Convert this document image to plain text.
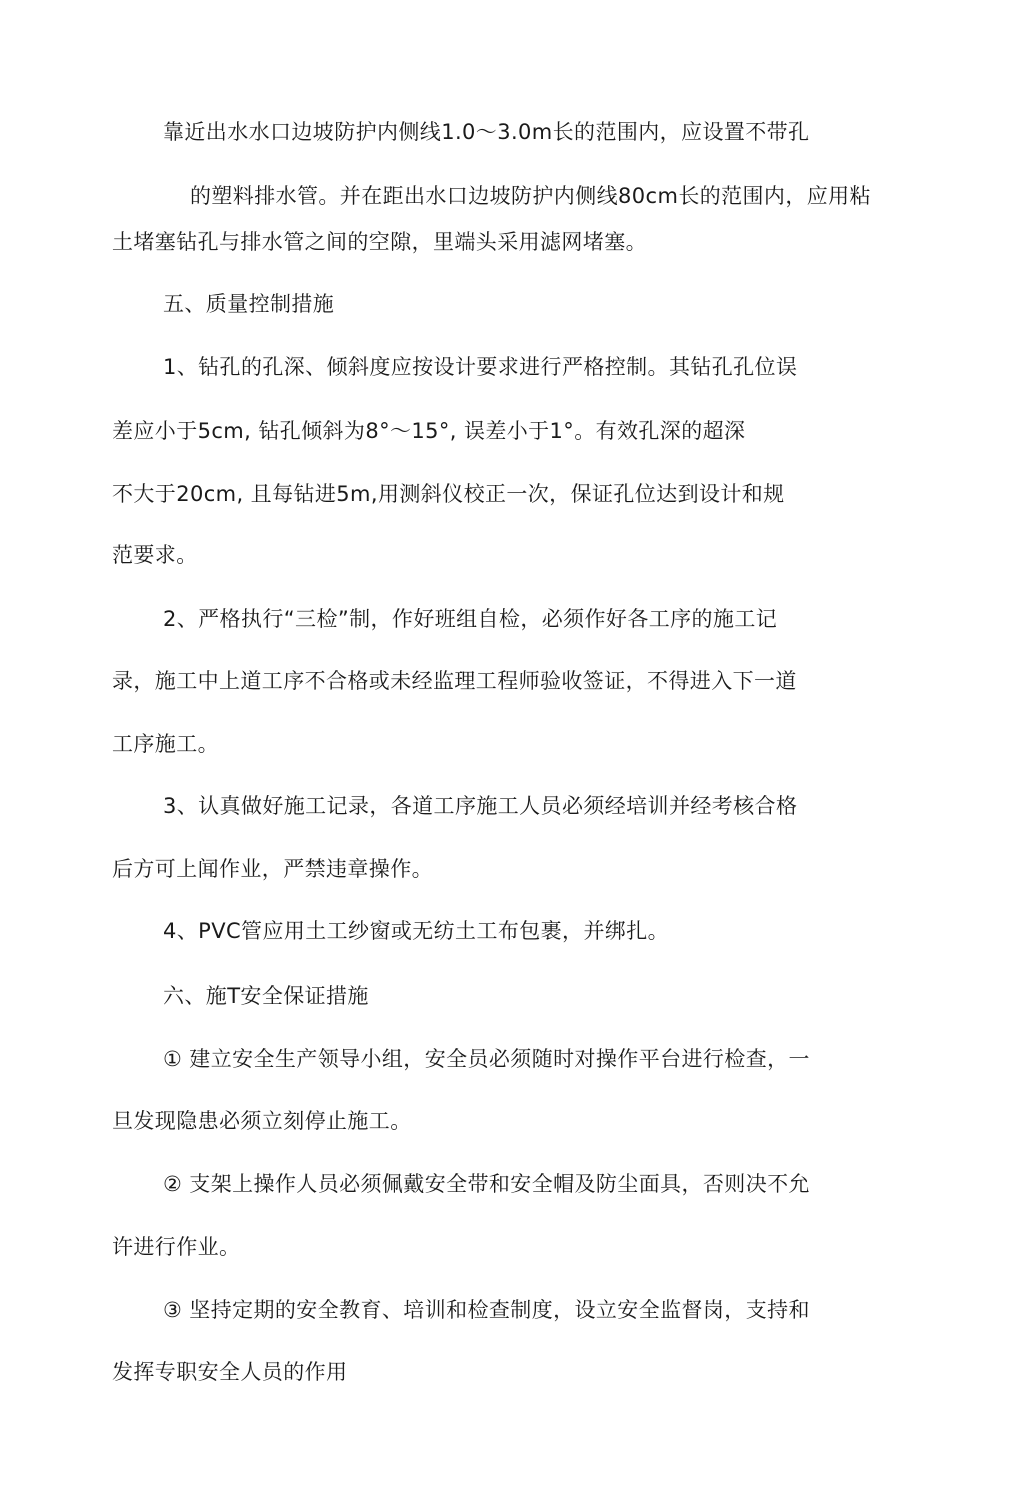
靠近出水水口边坡防护内侧线1.0～3.0m长的范围内，应设置不带孔
的塑料排水管。并在距出水口边坡防护内侧线80cm长的范围内，应用粘
土堵塞钻孔与排水管之间的空隙，里端头采用滤网堵塞。
五、质量控制措施
1、钻孔的孔深、倾斜度应按设计要求进行严格控制。其钻孔孔位误
差应小于5cm, 钻孔倾斜为8°～15°, 误差小于1°。有效孔深的超深
不大于20cm, 且每钻进5m,用测斜仪校正一次，保证孔位达到设计和规
范要求。
2、严格执行“三检”制，作好班组自检，必须作好各工序的施工记
录，施工中上道工序不合格或未经监理工程师验收签证，不得进入下一道
工序施工。
3、认真做好施工记录，各道工序施工人员必须经培训并经考核合格
后方可上闻作业，严禁违章操作。
4、PVC管应用土工纱窗或无纺土工布包裹，并绑扎。
六、施T安全保证措施
① 建立安全生产领导小组，安全员必须随时对操作平台进行检查，一
旦发现隐患必须立刻停止施工。
② 支架上操作人员必须佩戴安全带和安全帽及防尘面具，否则决不允
许进行作业。
③ 坚持定期的安全教育、培训和检查制度，设立安全监督岗，支持和
发挥专职安全人员的作用
